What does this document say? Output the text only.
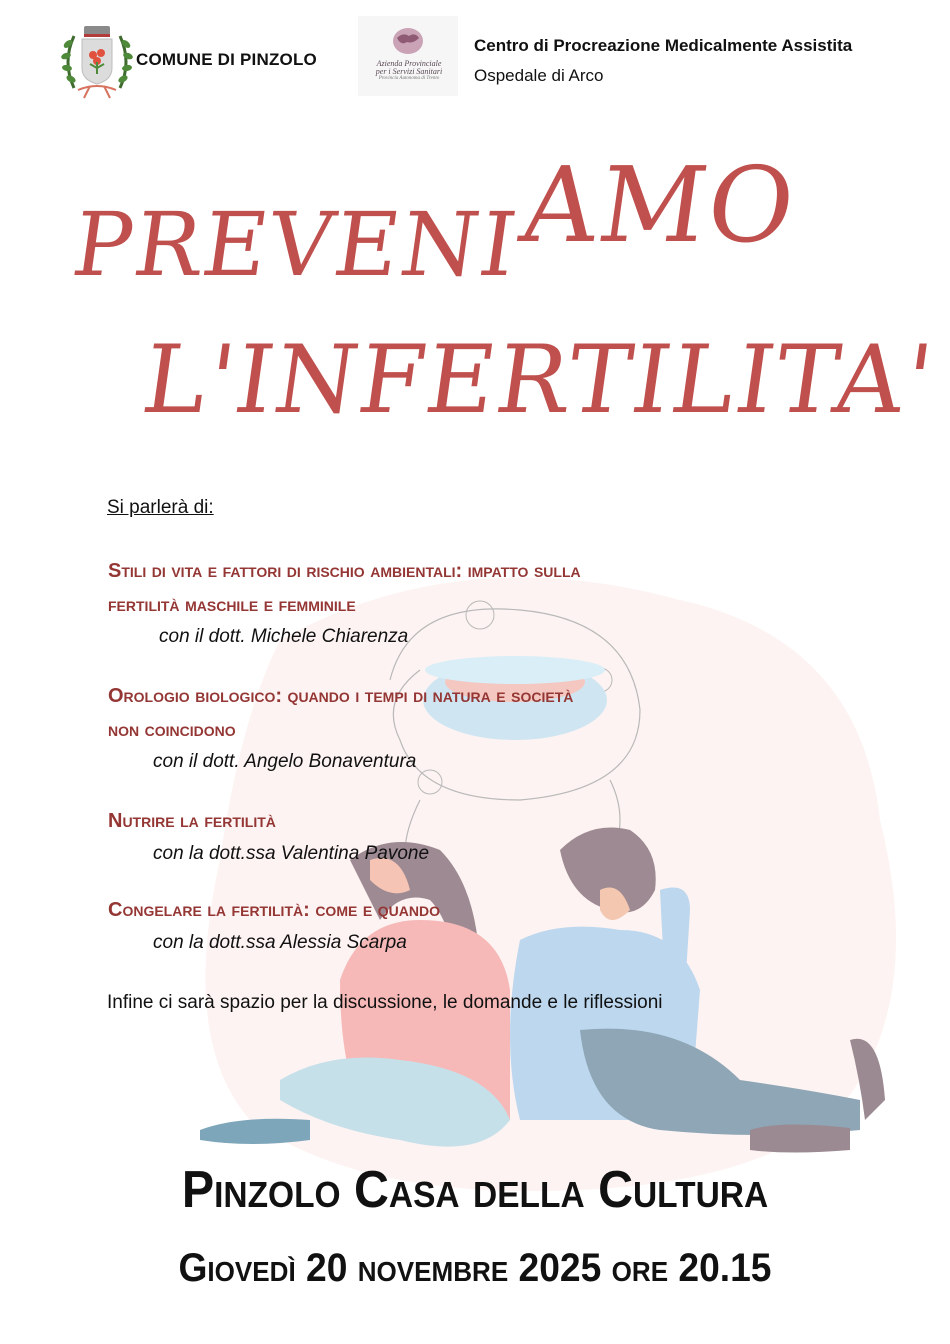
COMUNE DI PINZOLO	Azienda Provinciale
per i Servizi Sanitari
Provincia Autonoma di Trento
Centro di Procreazione Medicalmente Assistita
Ospedale di Arco
PREVENIAMO
L'INFERTILITA'
Si parlerà di:
Stili di vita e fattori di rischio ambientali: impatto sulla
fertilità maschile e femminile
con il dott. Michele Chiarenza
Orologio biologico: quando i tempi di natura e società
non coincidono
con il dott. Angelo Bonaventura
Nutrire la fertilità
con la dott.ssa Valentina Pavone
Congelare la fertilità: come e quando
con la dott.ssa Alessia Scarpa
Infine ci sarà spazio per la discussione, le domande e le riflessioni
Pinzolo Casa della Cultura
Giovedì 20 novembre 2025 ore 20.15
